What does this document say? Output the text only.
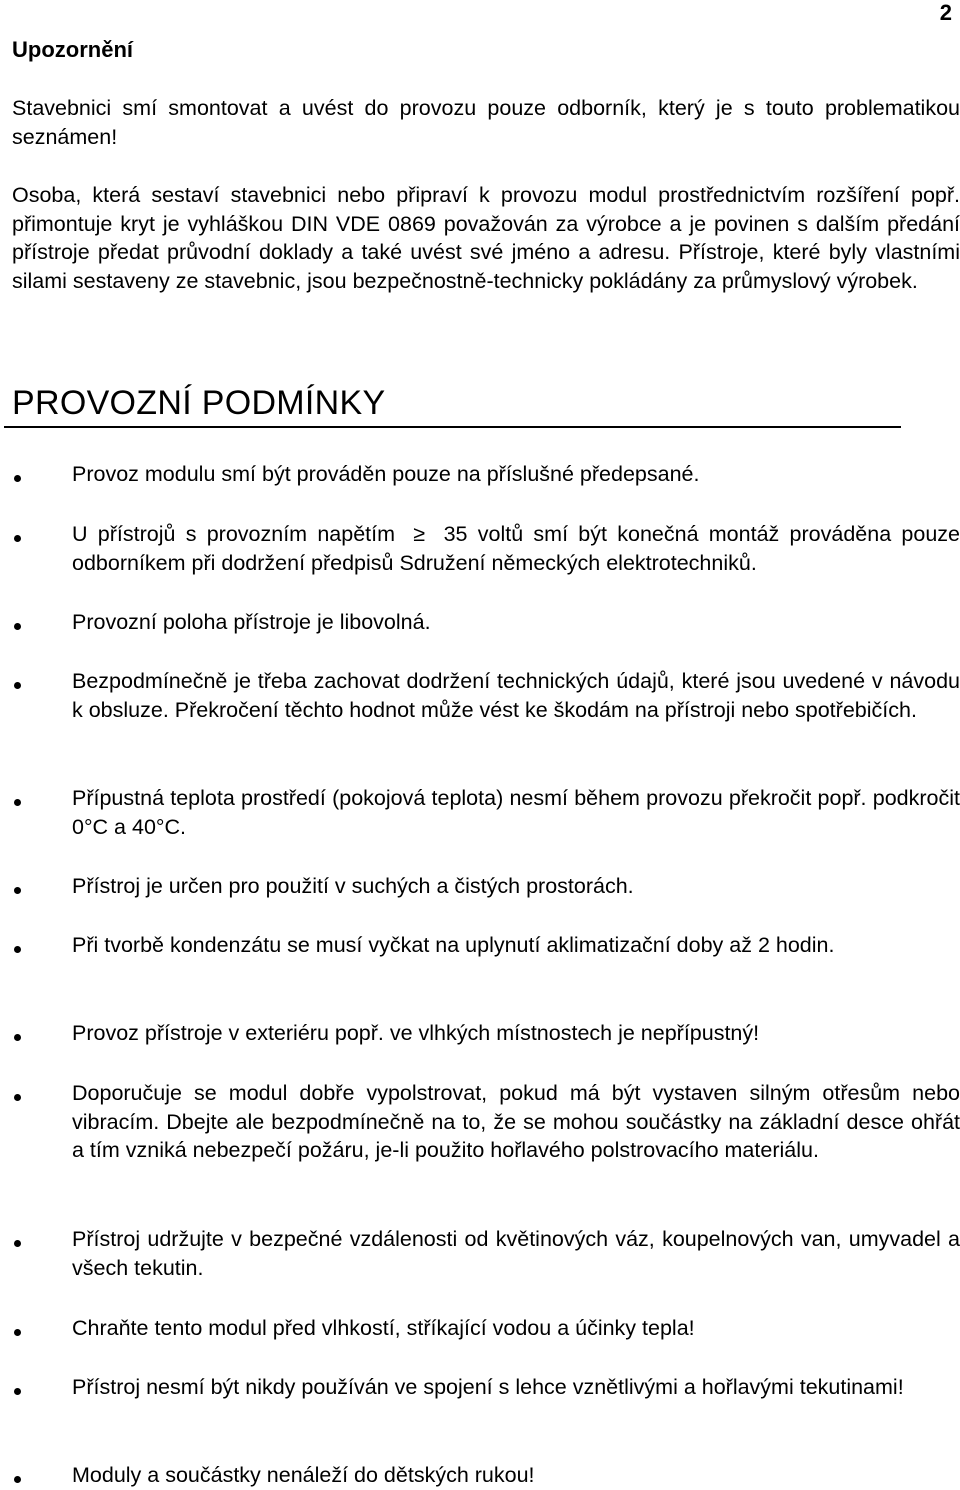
2
Upozornění

Stavebnici smí smontovat a uvést do provozu pouze odborník, který je s touto problematikou seznámen!

Osoba, která sestaví stavebnici nebo připraví k provozu modul prostřednictvím rozšíření popř. přimontuje kryt je vyhláškou DIN VDE 0869 považován za výrobce a je povinen s dalším předání přístroje předat průvodní doklady a také uvést své jméno a adresu. Přístroje, které byly vlastními silami sestaveny ze stavebnic, jsou bezpečnostně-technicky pokládány za průmyslový výrobek.

PROVOZNÍ PODMÍNKY
Provoz modulu smí být prováděn pouze na příslušné předepsané.
U přístrojů s provozním napětím ≥ 35 voltů smí být konečná montáž prováděna pouze odborníkem při dodržení předpisů Sdružení německých elektrotechniků.
Provozní poloha přístroje je libovolná.
Bezpodmínečně je třeba zachovat dodržení technických údajů, které jsou uvedené v návodu k obsluze. Překročení těchto hodnot může vést ke škodám na přístroji nebo spotřebičích.
Přípustná teplota prostředí (pokojová teplota) nesmí během provozu překročit popř. podkročit 0°C a 40°C.
Přístroj je určen pro použití v suchých a čistých prostorách.
Při tvorbě kondenzátu se musí vyčkat na uplynutí aklimatizační doby až 2 hodin.
Provoz přístroje v exteriéru popř. ve vlhkých místnostech je nepřípustný!
Doporučuje se modul dobře vypolstrovat, pokud má být vystaven silným otřesům nebo vibracím. Dbejte ale bezpodmínečně na to, že se mohou součástky na základní desce ohřát a tím vzniká nebezpečí požáru, je-li použito hořlavého polstrovacího materiálu.
Přístroj udržujte v bezpečné vzdálenosti od květinových váz, koupelnových van, umyvadel a všech tekutin.
Chraňte tento modul před vlhkostí, stříkající vodou a účinky tepla!
Přístroj nesmí být nikdy používán ve spojení s lehce vznětlivými a hořlavými tekutinami!
Moduly a součástky nenáleží do dětských rukou!
